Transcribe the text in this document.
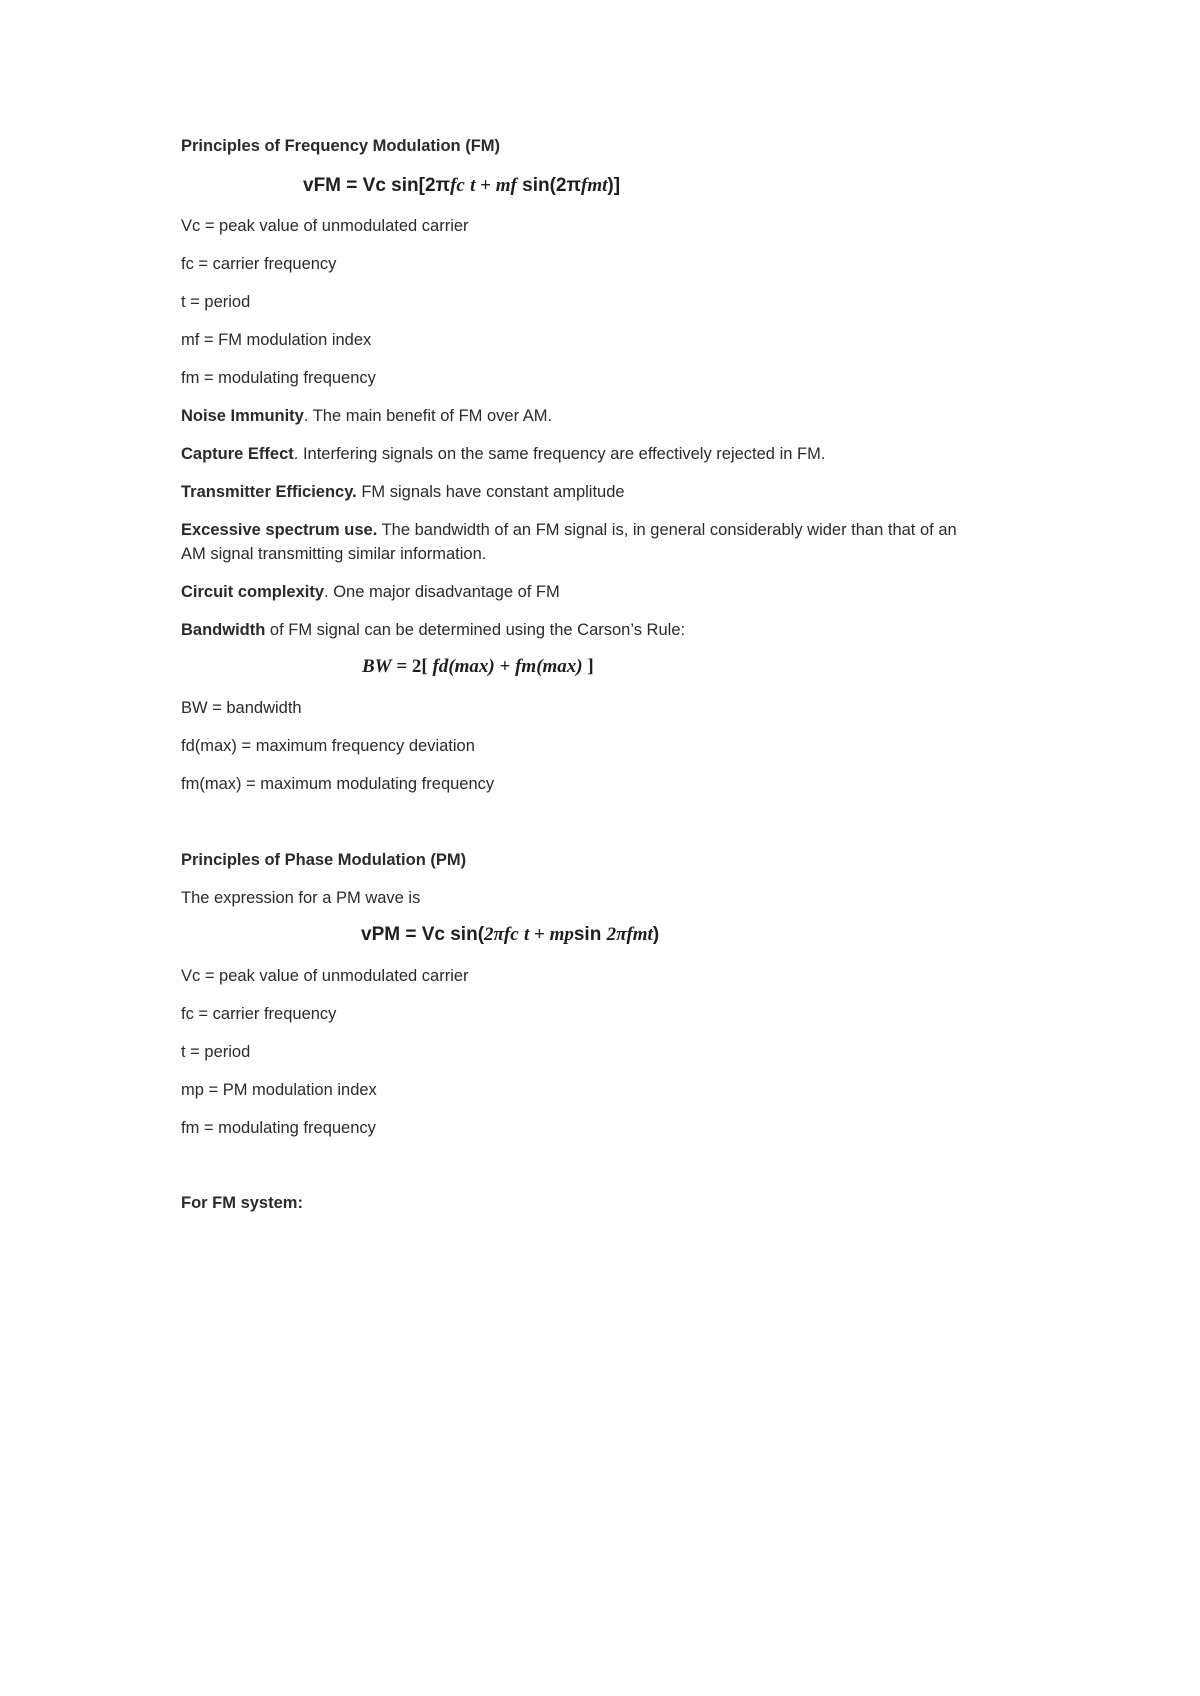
Principles of Frequency Modulation (FM)
vFM = Vc sin[2πfc t + mf sin(2πfmt)]
Vc = peak value of unmodulated carrier
fc = carrier frequency
t = period
mf = FM modulation index
fm = modulating frequency
Noise Immunity. The main benefit of FM over AM.
Capture Effect. Interfering signals on the same frequency are effectively rejected in FM.
Transmitter Efficiency. FM signals have constant amplitude
Excessive spectrum use. The bandwidth of an FM signal is, in general considerably wider than that of an
AM signal transmitting similar information.
Circuit complexity. One major disadvantage of FM
Bandwidth of FM signal can be determined using the Carson’s Rule:
BW = 2[ fd(max) + fm(max) ]
BW = bandwidth
fd(max) = maximum frequency deviation
fm(max) = maximum modulating frequency
Principles of Phase Modulation (PM)
The expression for a PM wave is
vPM = Vc sin(2πfc t + mpsin 2πfmt)
Vc = peak value of unmodulated carrier
fc = carrier frequency
t = period
mp = PM modulation index
fm = modulating frequency
For FM system:
